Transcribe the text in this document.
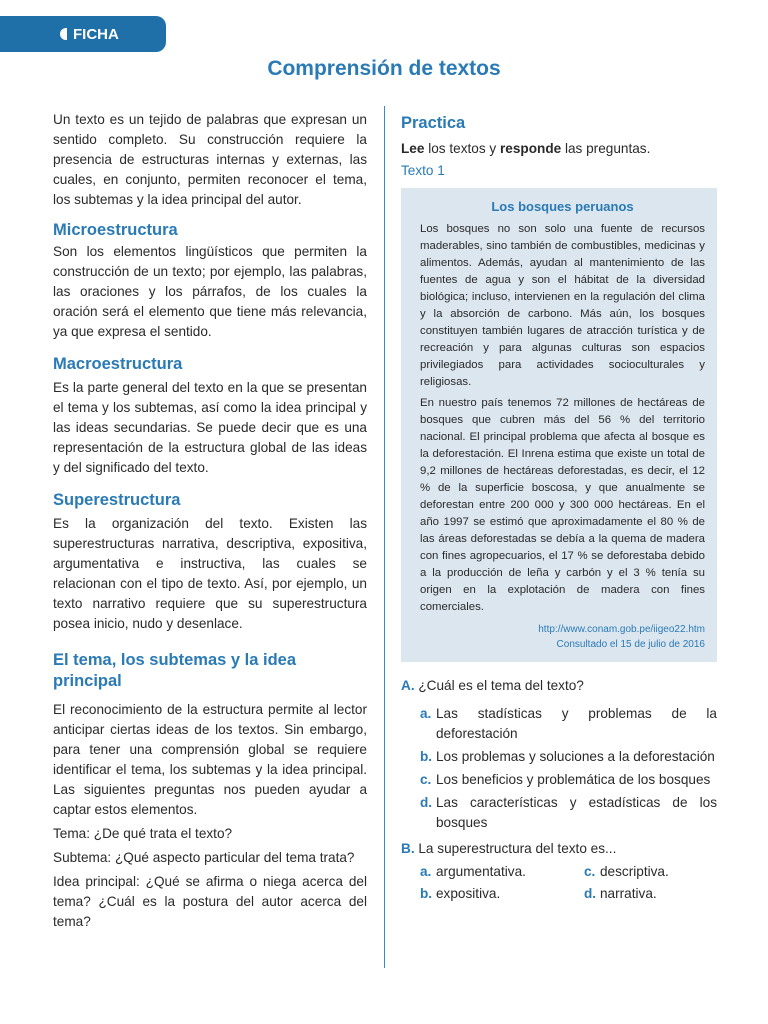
FICHA
Comprensión de textos

Un texto es un tejido de palabras que expresan un sentido completo. Su construcción requiere la presencia de estructuras internas y externas, las cuales, en conjunto, permiten reconocer el tema, los subtemas y la idea principal del autor.

Microestructura

Son los elementos lingüísticos que permiten la construcción de un texto; por ejemplo, las palabras, las oraciones y los párrafos, de los cuales la oración será el elemento que tiene más relevancia, ya que expresa el sentido.

Macroestructura

Es la parte general del texto en la que se presentan el tema y los subtemas, así como la idea principal y las ideas secundarias. Se puede decir que es una representación de la estructura global de las ideas y del significado del texto.

Superestructura

Es la organización del texto. Existen las superestructuras narrativa, descriptiva, expositiva, argumentativa e instructiva, las cuales se relacionan con el tipo de texto. Así, por ejemplo, un texto narrativo requiere que su superestructura posea inicio, nudo y desenlace.

El tema, los subtemas y la idea principal

El reconocimiento de la estructura permite al lector anticipar ciertas ideas de los textos. Sin embargo, para tener una comprensión global se requiere identificar el tema, los subtemas y la idea principal. Las siguientes preguntas nos pueden ayudar a captar estos elementos.

Tema: ¿De qué trata el texto?

Subtema: ¿Qué aspecto particular del tema trata?

Idea principal: ¿Qué se afirma o niega acerca del tema? ¿Cuál es la postura del autor acerca del tema?

Practica
Lee los textos y responde las preguntas.
Texto 1
Los bosques peruanos

Los bosques no son solo una fuente de recursos maderables, sino también de combustibles, medicinas y alimentos. Además, ayudan al mantenimiento de las fuentes de agua y son el hábitat de la diversidad biológica; incluso, intervienen en la regulación del clima y la absorción de carbono. Más aún, los bosques constituyen también lugares de atracción turística y de recreación y para algunas culturas son espacios privilegiados para actividades socioculturales y religiosas.

En nuestro país tenemos 72 millones de hectáreas de bosques que cubren más del 56 % del territorio nacional. El principal problema que afecta al bosque es la deforestación. El Inrena estima que existe un total de 9,2 millones de hectáreas deforestadas, es decir, el 12 % de la superficie boscosa, y que anualmente se deforestan entre 200 000 y 300 000 hectáreas. En el año 1997 se estimó que aproximadamente el 80 % de las áreas deforestadas se debía a la quema de madera con fines agropecuarios, el 17 % se deforestaba debido a la producción de leña y carbón y el 3 % tenía su origen en la explotación de madera con fines comerciales.

http://www.conam.gob.pe/iigeo22.htm
Consultado el 15 de julio de 2016
A. ¿Cuál es el tema del texto?
a. Las stadísticas y problemas de la deforestación
b. Los problemas y soluciones a la deforestación
c. Los beneficios y problemática de los bosques
d. Las características y estadísticas de los bosques
B. La superestructura del texto es...
a. argumentativa.	c. descriptiva.
b. expositiva.	d. narrativa.
